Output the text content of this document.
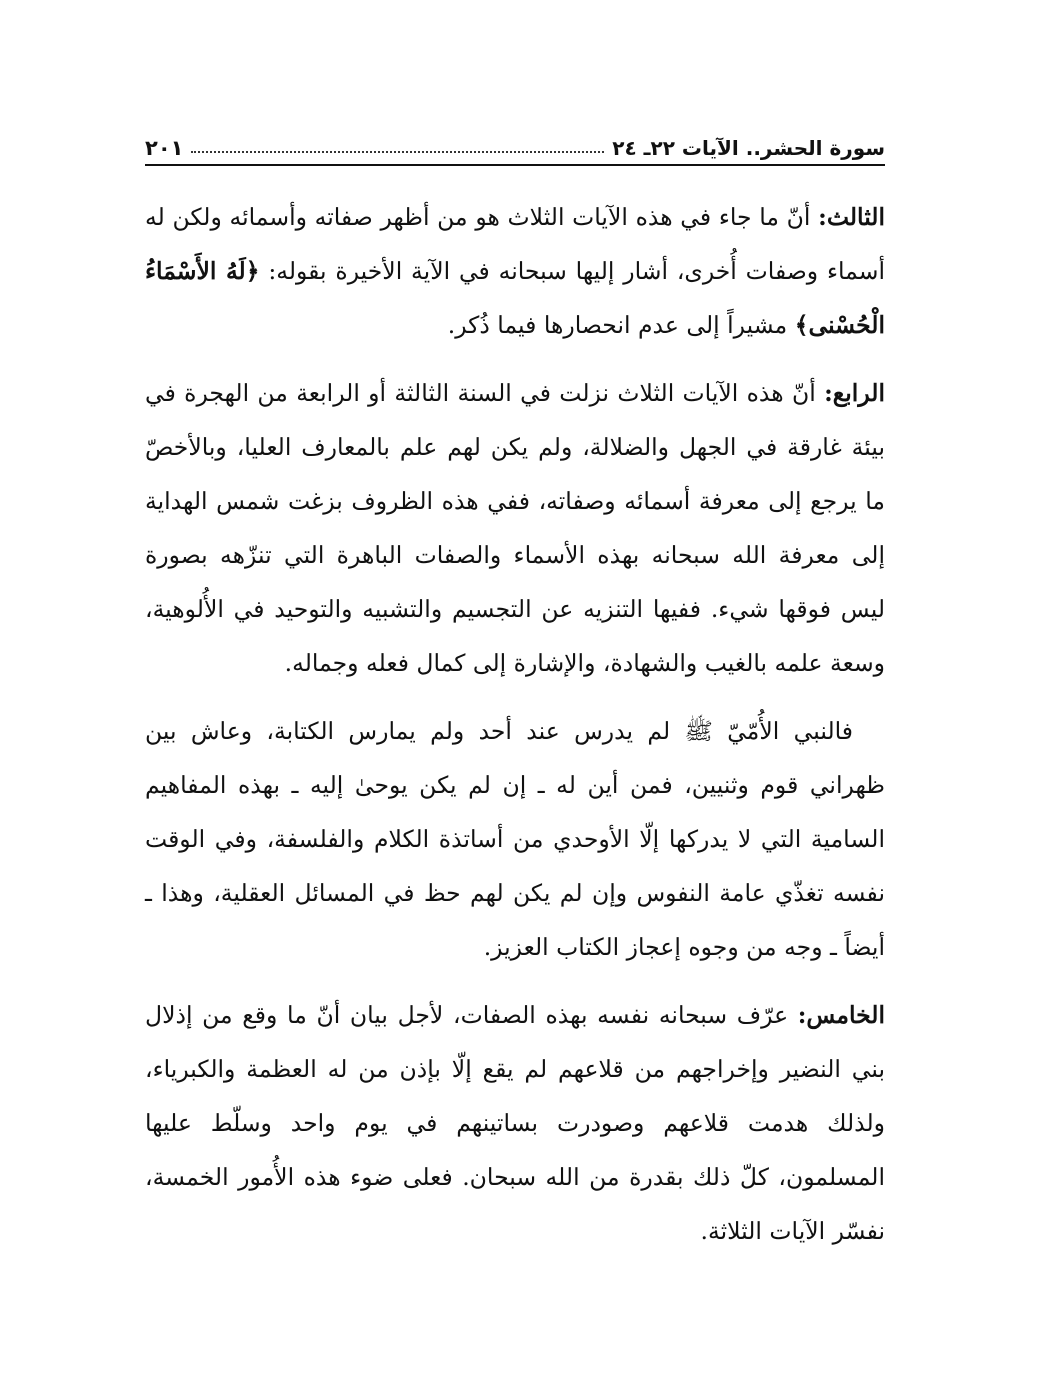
سورة الحشر.. الآيات ٢٢ـ ٢٤
٢٠١

الثالث: أنّ ما جاء في هذه الآيات الثلاث هو من أظهر صفاته وأسمائه ولكن له أسماء وصفات أُخرى، أشار إليها سبحانه في الآية الأخيرة بقوله: ﴿لَهُ الأَسْمَاءُ الْحُسْنى﴾ مشيراً إلى عدم انحصارها فيما ذُكر.

الرابع: أنّ هذه الآيات الثلاث نزلت في السنة الثالثة أو الرابعة من الهجرة في بيئة غارقة في الجهل والضلالة، ولم يكن لهم علم بالمعارف العليا، وبالأخصّ ما يرجع إلى معرفة أسمائه وصفاته، ففي هذه الظروف بزغت شمس الهداية إلى معرفة الله سبحانه بهذه الأسماء والصفات الباهرة التي تنزّهه بصورة ليس فوقها شيء. ففيها التنزيه عن التجسيم والتشبيه والتوحيد في الأُلوهية، وسعة علمه بالغيب والشهادة، والإشارة إلى كمال فعله وجماله.

فالنبي الأُمّيّ ﷺ لم يدرس عند أحد ولم يمارس الكتابة، وعاش بين ظهراني قوم وثنيين، فمن أين له ـ إن لم يكن يوحىٰ إليه ـ بهذه المفاهيم السامية التي لا يدركها إلّا الأوحدي من أساتذة الكلام والفلسفة، وفي الوقت نفسه تغذّي عامة النفوس وإن لم يكن لهم حظ في المسائل العقلية، وهذا ـ أيضاً ـ وجه من وجوه إعجاز الكتاب العزيز.

الخامس: عرّف سبحانه نفسه بهذه الصفات، لأجل بيان أنّ ما وقع من إذلال بني النضير وإخراجهم من قلاعهم لم يقع إلّا بإذن من له العظمة والكبرياء، ولذلك هدمت قلاعهم وصودرت بساتينهم في يوم واحد وسلّط عليها المسلمون، كلّ ذلك بقدرة من الله سبحان. فعلى ضوء هذه الأُمور الخمسة، نفسّر الآيات الثلاثة.
